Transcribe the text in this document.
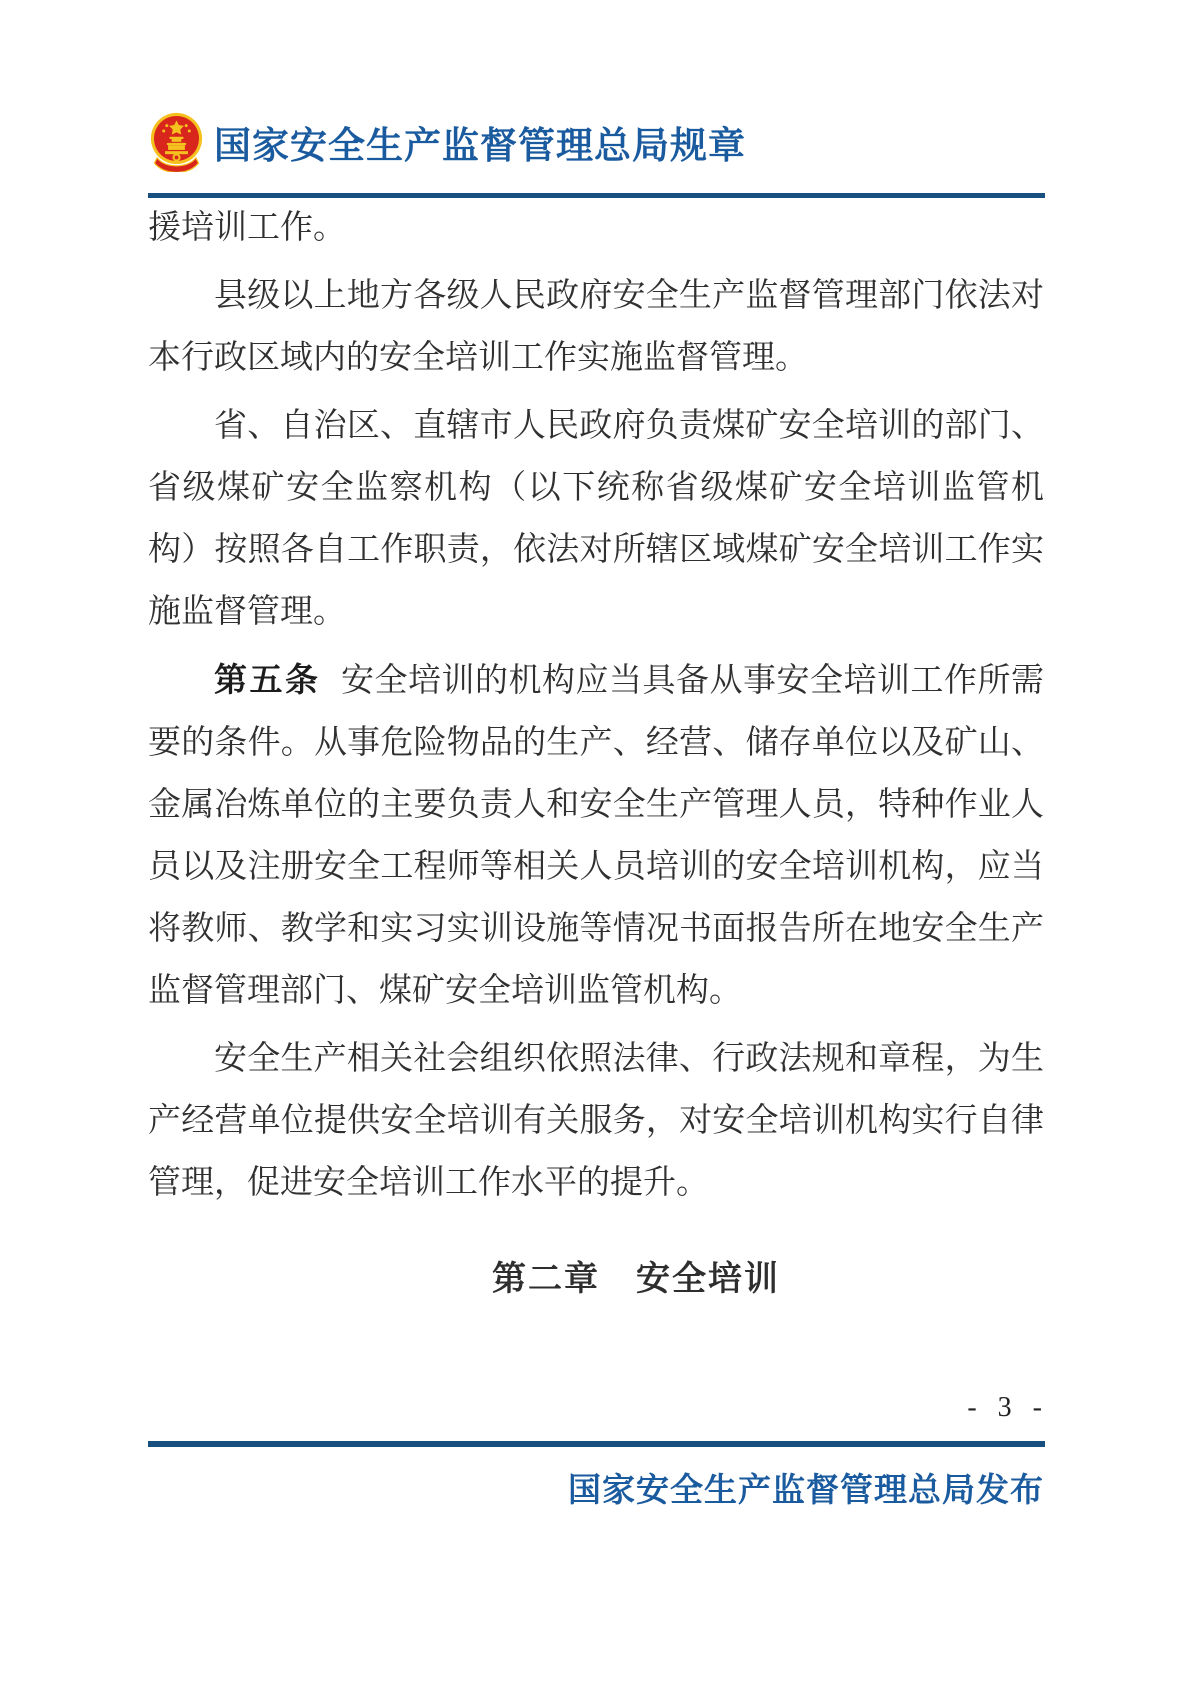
国家安全生产监督管理总局规章

援培训工作。

县级以上地方各级人民政府安全生产监督管理部门依法对本行政区域内的安全培训工作实施监督管理。

省、自治区、直辖市人民政府负责煤矿安全培训的部门、省级煤矿安全监察机构（以下统称省级煤矿安全培训监管机构）按照各自工作职责，依法对所辖区域煤矿安全培训工作实施监督管理。

第五条 安全培训的机构应当具备从事安全培训工作所需要的条件。从事危险物品的生产、经营、储存单位以及矿山、金属冶炼单位的主要负责人和安全生产管理人员，特种作业人员以及注册安全工程师等相关人员培训的安全培训机构，应当将教师、教学和实习实训设施等情况书面报告所在地安全生产监督管理部门、煤矿安全培训监管机构。

安全生产相关社会组织依照法律、行政法规和章程，为生产经营单位提供安全培训有关服务，对安全培训机构实行自律管理，促进安全培训工作水平的提升。

第二章　安全培训
- 3 -
国家安全生产监督管理总局发布
